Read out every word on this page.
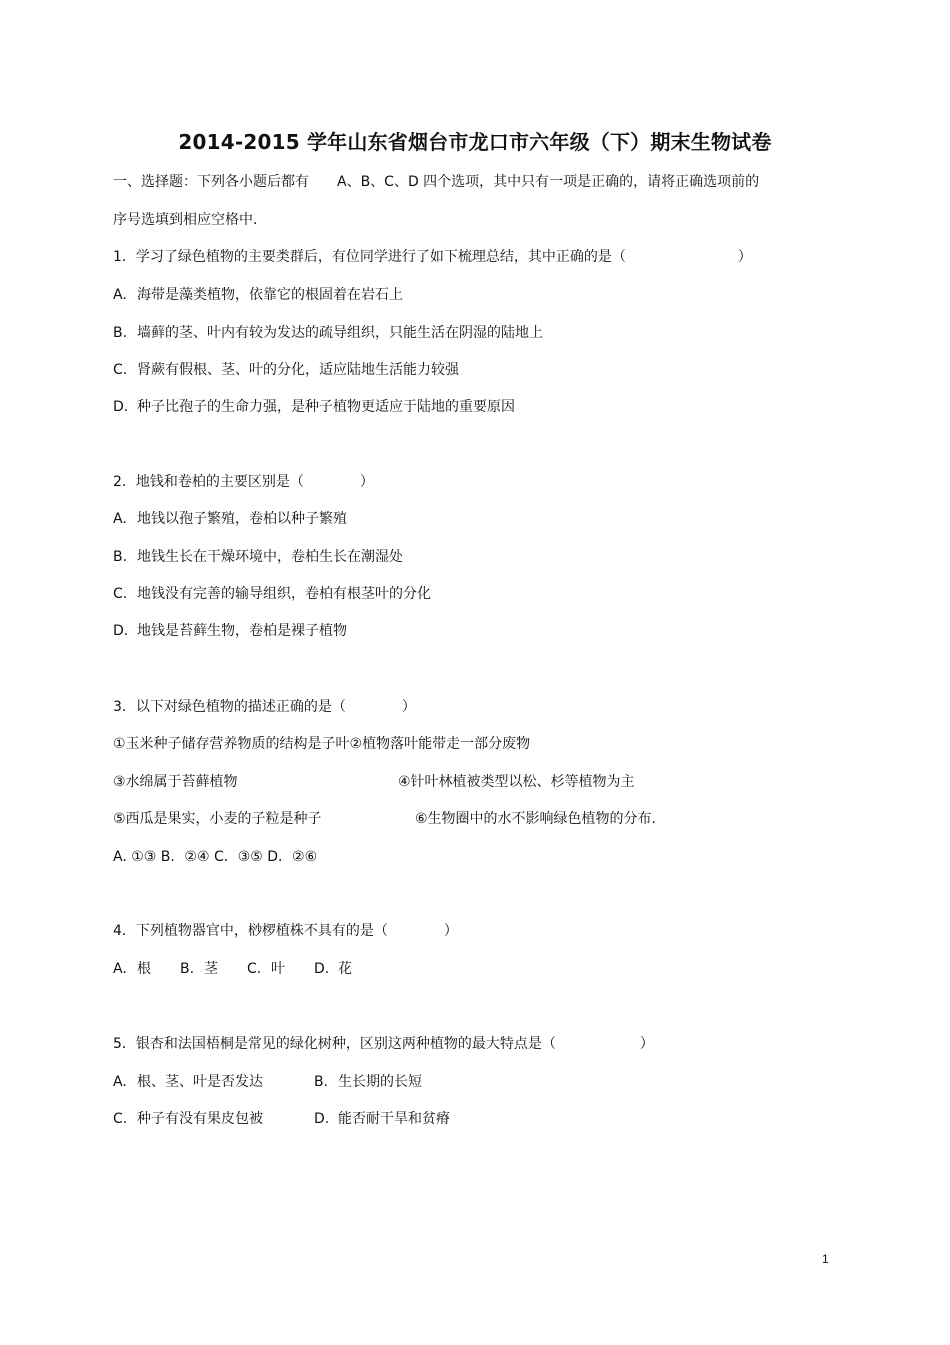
2014-2015 学年山东省烟台市龙口市六年级（下）期末生物试卷
一、选择题：下列各小题后都有　　A、B、C、D 四个选项，其中只有一项是正确的，请将正确选项前的
序号选填到相应空格中.
1．学习了绿色植物的主要类群后，有位同学进行了如下梳理总结，其中正确的是（　　　　　　　　）
A. 海带是藻类植物，依靠它的根固着在岩石上
B. 墙藓的茎、叶内有较为发达的疏导组织，只能生活在阴湿的陆地上
C. 肾蕨有假根、茎、叶的分化，适应陆地生活能力较强
D. 种子比孢子的生命力强，是种子植物更适应于陆地的重要原因
2．地钱和卷柏的主要区别是（　　　　）
A. 地钱以孢子繁殖，卷柏以种子繁殖
B. 地钱生长在干燥环境中，卷柏生长在潮湿处
C. 地钱没有完善的输导组织，卷柏有根茎叶的分化
D. 地钱是苔藓生物，卷柏是裸子植物
3．以下对绿色植物的描述正确的是（　　　　）
①玉米种子储存营养物质的结构是子叶②植物落叶能带走一部分废物
③水绵属于苔藓植物	④针叶林植被类型以松、杉等植物为主
⑤西瓜是果实，小麦的子粒是种子	⑥生物圈中的水不影响绿色植物的分布.
A. ①③ B．②④ C．③⑤ D．②⑥
4．下列植物器官中，桫椤植株不具有的是（　　　　）
A. 根 B. 茎 C. 叶 D. 花
5．银杏和法国梧桐是常见的绿化树种，区别这两种植物的最大特点是（　　　　　　）
A. 根、茎、叶是否发达	B. 生长期的长短
C. 种子有没有果皮包被	D. 能否耐干旱和贫瘠
1
